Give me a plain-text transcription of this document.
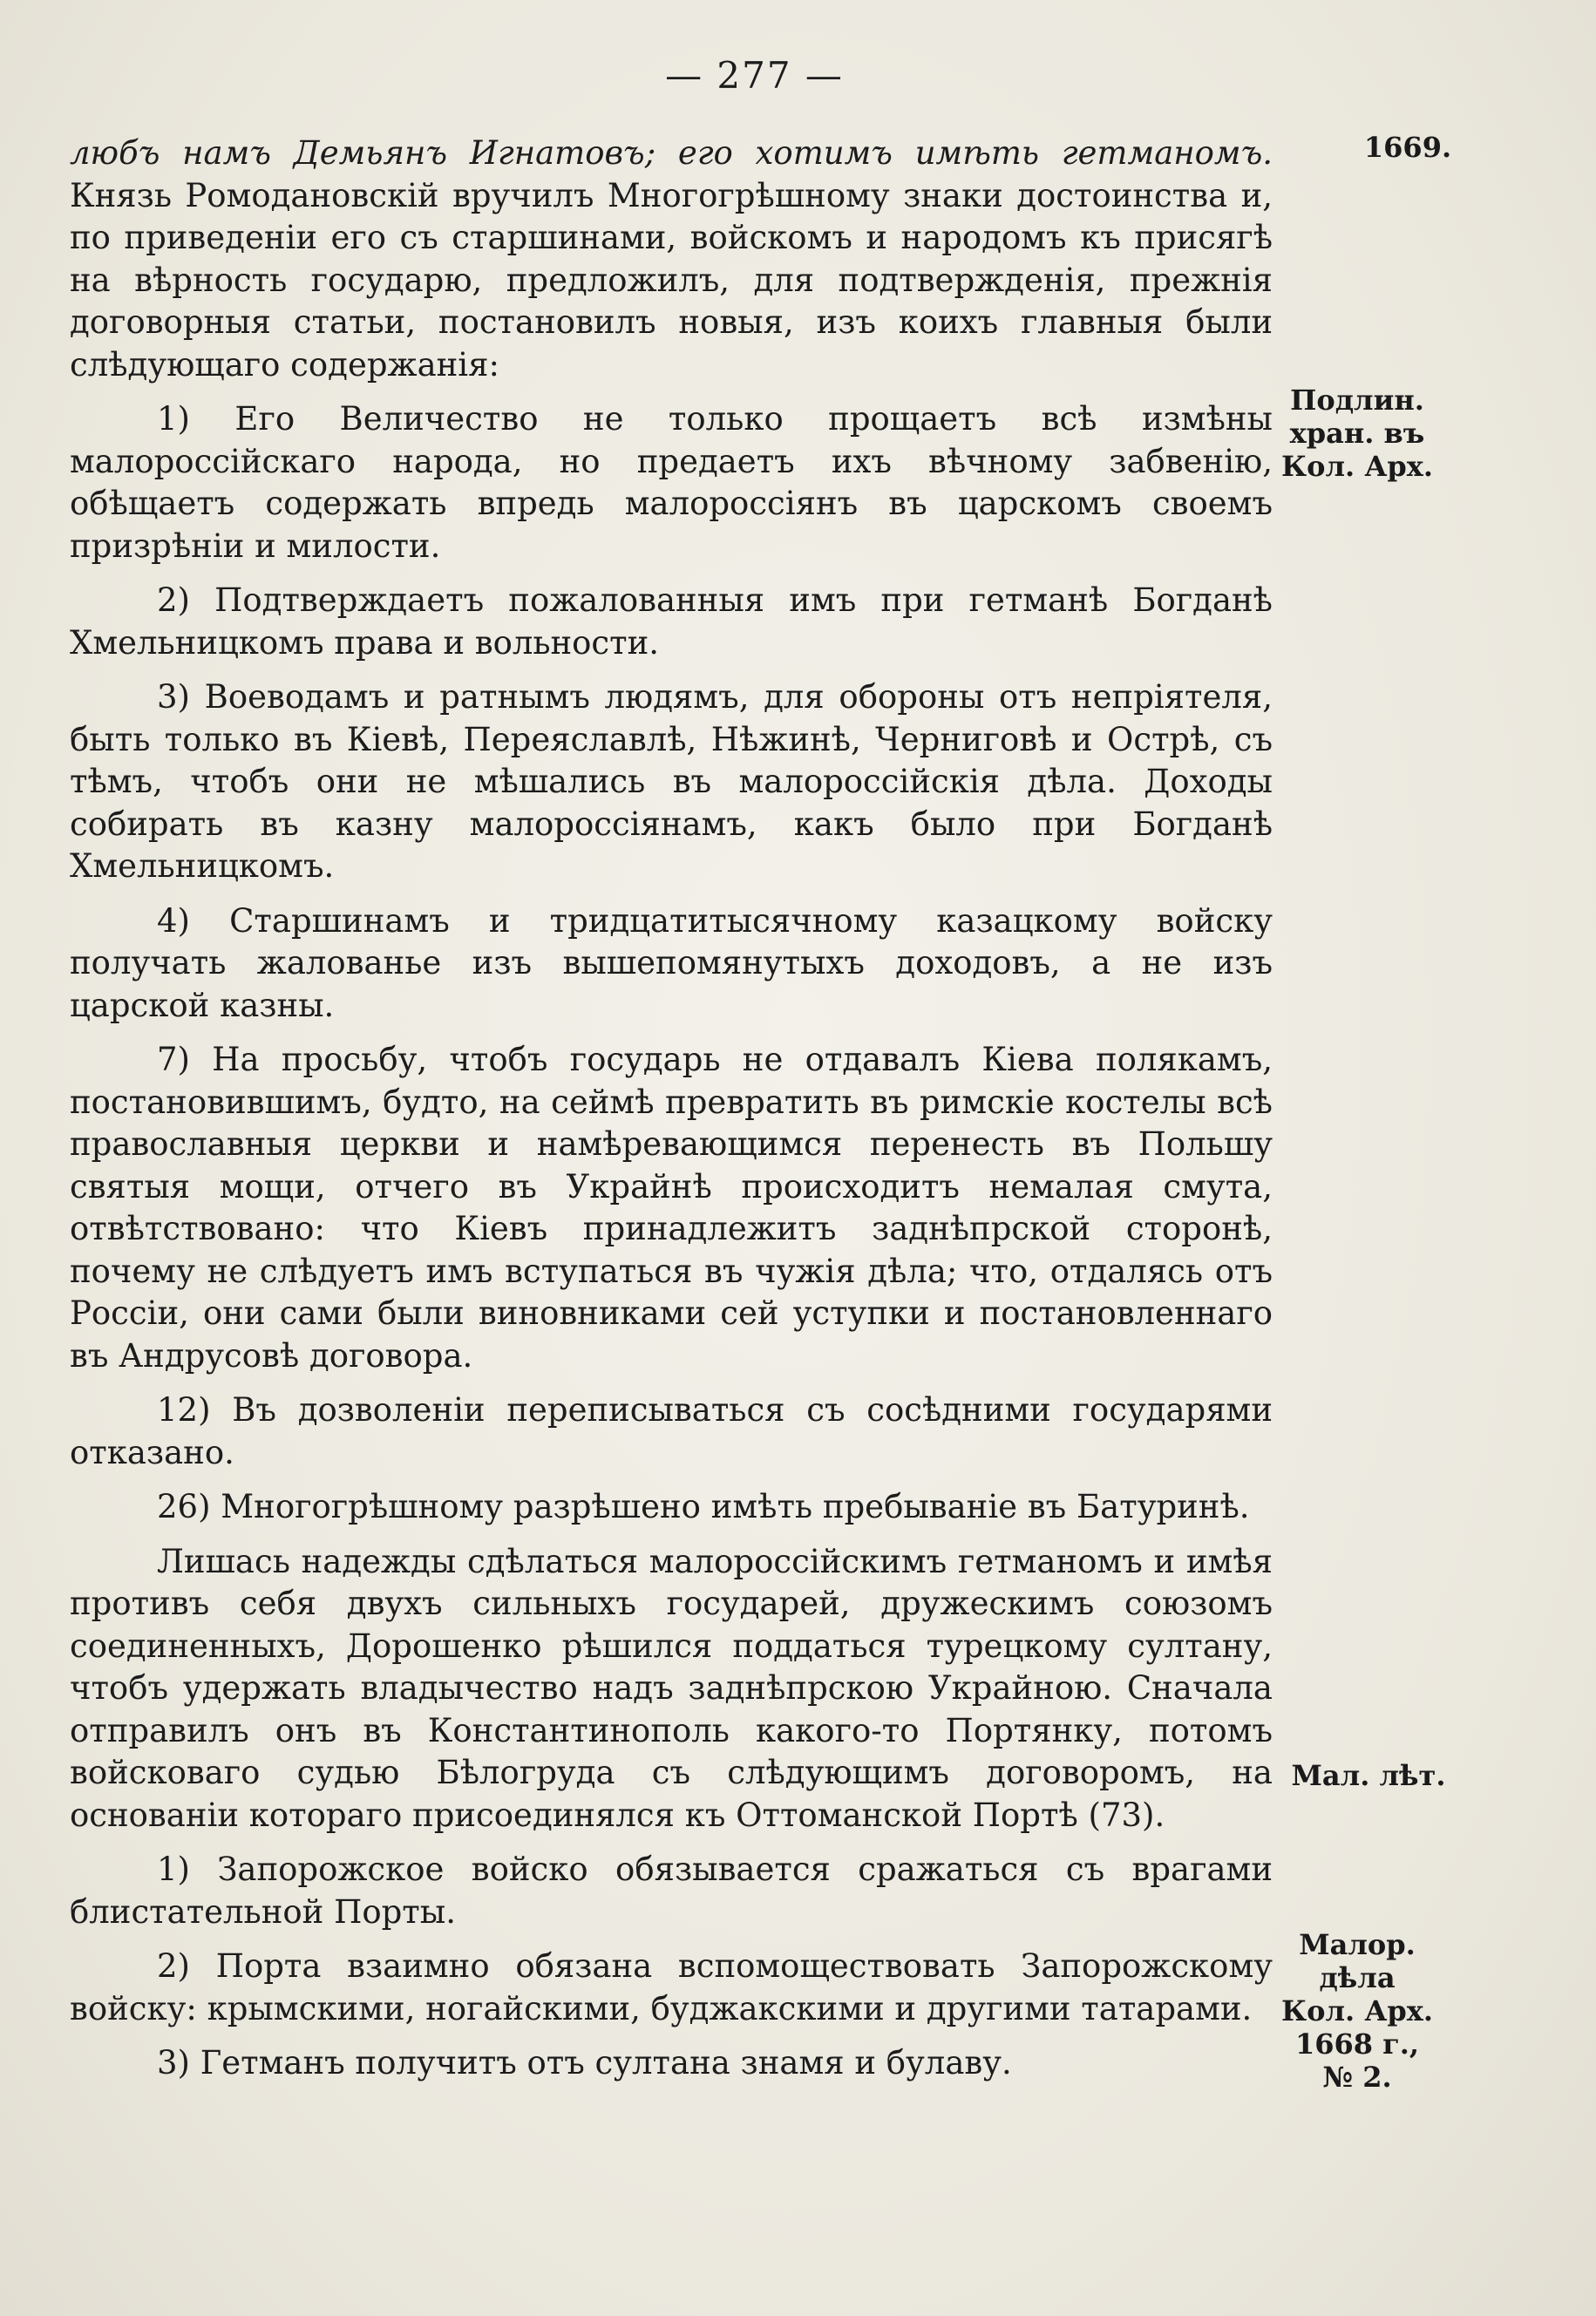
— 277 —

любъ намъ Демьянъ Игнатовъ; его хотимъ имѣть гетманомъ. Князь Ромодановскій вручилъ Многогрѣшному знаки достоинства и, по приведеніи его съ старшинами, войскомъ и народомъ къ присягѣ на вѣрность государю, предложилъ, для подтвержденія, прежнія договорныя статьи, постановилъ новыя, изъ коихъ главныя были слѣдующаго содержанія:

1) Его Величество не только прощаетъ всѣ измѣны малороссійскаго народа, но предаетъ ихъ вѣчному забвенію, обѣщаетъ содержать впредь малороссіянъ въ царскомъ своемъ призрѣніи и милости.

2) Подтверждаетъ пожалованныя имъ при гетманѣ Богданѣ Хмельницкомъ права и вольности.

3) Воеводамъ и ратнымъ людямъ, для обороны отъ непріятеля, быть только въ Кіевѣ, Переяславлѣ, Нѣжинѣ, Черниговѣ и Острѣ, съ тѣмъ, чтобъ они не мѣшались въ малороссійскія дѣла. Доходы собирать въ казну малороссіянамъ, какъ было при Богданѣ Хмельницкомъ.

4) Старшинамъ и тридцатитысячному казацкому войску получать жалованье изъ вышепомянутыхъ доходовъ, а не изъ царской казны.

7) На просьбу, чтобъ государь не отдавалъ Кіева полякамъ, постановившимъ, будто, на сеймѣ превратить въ римскіе костелы всѣ православныя церкви и намѣревающимся перенесть въ Польшу святыя мощи, отчего въ Украйнѣ происходитъ немалая смута, отвѣтствовано: что Кіевъ принадлежитъ заднѣпрской сторонѣ, почему не слѣдуетъ имъ вступаться въ чужія дѣла; что, отдалясь отъ Россіи, они сами были виновниками сей уступки и постановленнаго въ Андрусовѣ договора.

12) Въ дозволеніи переписываться съ сосѣдними государями отказано.

26) Многогрѣшному разрѣшено имѣть пребываніе въ Батуринѣ.

Лишась надежды сдѣлаться малороссійскимъ гетманомъ и имѣя противъ себя двухъ сильныхъ государей, дружескимъ союзомъ соединенныхъ, Дорошенко рѣшился поддаться турецкому султану, чтобъ удержать владычество надъ заднѣпрскою Украйною. Сначала отправилъ онъ въ Константинополь какого-то Портянку, потомъ войсковаго судью Бѣлогруда съ слѣдующимъ договоромъ, на основаніи котораго присоединялся къ Оттоманской Портѣ (73).

1) Запорожское войско обязывается сражаться съ врагами блистательной Порты.

2) Порта взаимно обязана вспомоществовать Запорожскому войску: крымскими, ногайскими, буджакскими и другими татарами.

3) Гетманъ получитъ отъ султана знамя и булаву.

1669.
Подлин.
хран. въ
Кол. Арх.
Мал. лѣт.
Малор.
дѣла
Кол. Арх.
1668 г.,
№ 2.
